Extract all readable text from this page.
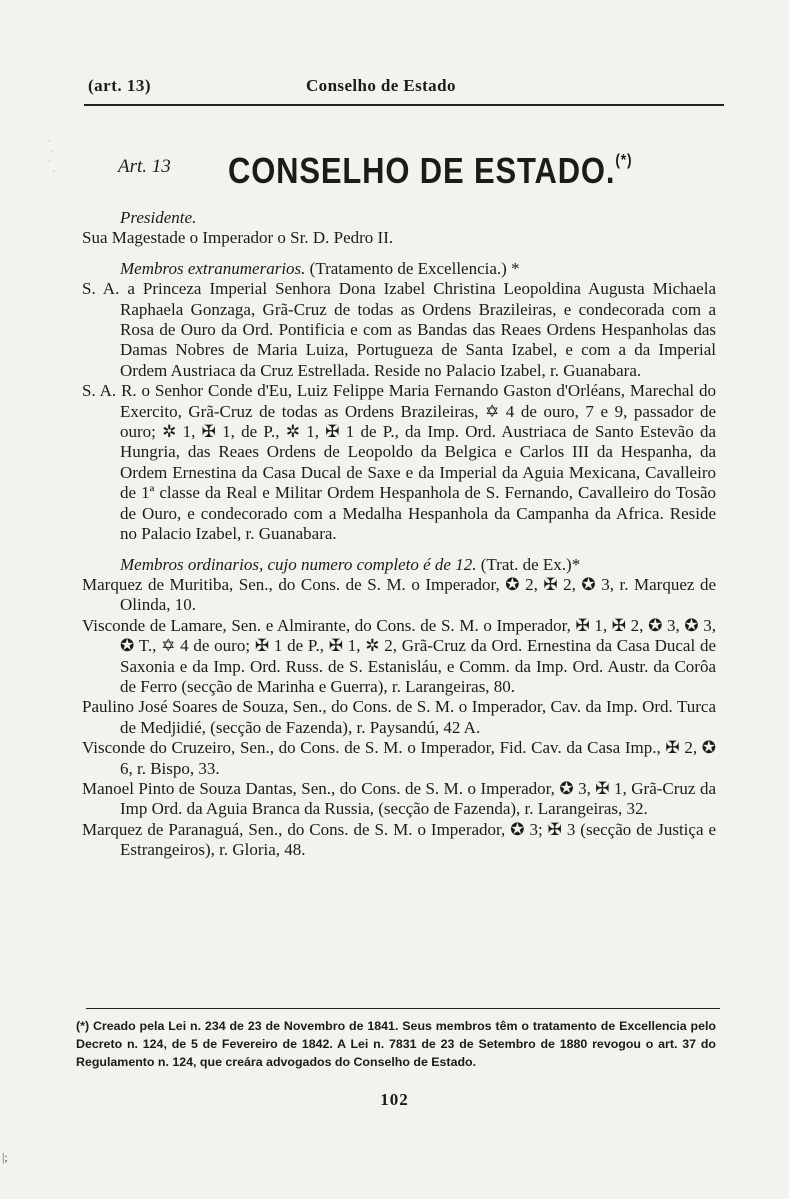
·
·
·
·
(art. 13)	Conselho de Estado
Art. 13 CONSELHO DE ESTADO.(*)

Presidente.

Sua Magestade o Imperador o Sr. D. Pedro II.

Membros extranumerarios. (Tratamento de Excellencia.) *

S. A. a Princeza Imperial Senhora Dona Izabel Christina Leopoldina Augusta Michaela Raphaela Gonzaga, Grã-Cruz de todas as Ordens Brazileiras, e condecorada com a Rosa de Ouro da Ord. Pontificia e com as Bandas das Reaes Ordens Hespanholas das Damas Nobres de Maria Luiza, Portugueza de Santa Izabel, e com a da Imperial Ordem Austriaca da Cruz Estrellada. Reside no Palacio Izabel, r. Guanabara.

S. A. R. o Senhor Conde d'Eu, Luiz Felippe Maria Fernando Gaston d'Orléans, Marechal do Exercito, Grã-Cruz de todas as Ordens Brazileiras, ✡ 4 de ouro, 7 e 9, passador de ouro; ✲ 1, ✠ 1, de P., ✲ 1, ✠ 1 de P., da Imp. Ord. Austriaca de Santo Estevão da Hungria, das Reaes Ordens de Leopoldo da Belgica e Carlos III da Hespanha, da Ordem Ernestina da Casa Ducal de Saxe e da Imperial da Aguia Mexicana, Cavalleiro de 1ª classe da Real e Militar Ordem Hespanhola de S. Fernando, Cavalleiro do Tosão de Ouro, e condecorado com a Medalha Hespanhola da Campanha da Africa. Reside no Palacio Izabel, r. Guanabara.

Membros ordinarios, cujo numero completo é de 12. (Trat. de Ex.)*

Marquez de Muritiba, Sen., do Cons. de S. M. o Imperador, ✪ 2, ✠ 2, ✪ 3, r. Marquez de Olinda, 10.

Visconde de Lamare, Sen. e Almirante, do Cons. de S. M. o Imperador, ✠ 1, ✠ 2, ✪ 3, ✪ 3, ✪ T., ✡ 4 de ouro; ✠ 1 de P., ✠ 1, ✲ 2, Grã-Cruz da Ord. Ernestina da Casa Ducal de Saxonia e da Imp. Ord. Russ. de S. Estanisláu, e Comm. da Imp. Ord. Austr. da Corôa de Ferro (secção de Marinha e Guerra), r. Larangeiras, 80.

Paulino José Soares de Souza, Sen., do Cons. de S. M. o Imperador, Cav. da Imp. Ord. Turca de Medjidié, (secção de Fazenda), r. Paysandú, 42 A.

Visconde do Cruzeiro, Sen., do Cons. de S. M. o Imperador, Fid. Cav. da Casa Imp., ✠ 2, ✪ 6, r. Bispo, 33.

Manoel Pinto de Souza Dantas, Sen., do Cons. de S. M. o Imperador, ✪ 3, ✠ 1, Grã-Cruz da Imp Ord. da Aguia Branca da Russia, (secção de Fazenda), r. Larangeiras, 32.

Marquez de Paranaguá, Sen., do Cons. de S. M. o Imperador, ✪ 3; ✠ 3 (secção de Justiça e Estrangeiros), r. Gloria, 48.

(*) Creado pela Lei n. 234 de 23 de Novembro de 1841. Seus membros têm o tratamento de Excellencia pelo Decreto n. 124, de 5 de Fevereiro de 1842. A Lei n. 7831 de 23 de Setembro de 1880 revogou o art. 37 do Regulamento n. 124, que creára advogados do Conselho de Estado.

102
|;
